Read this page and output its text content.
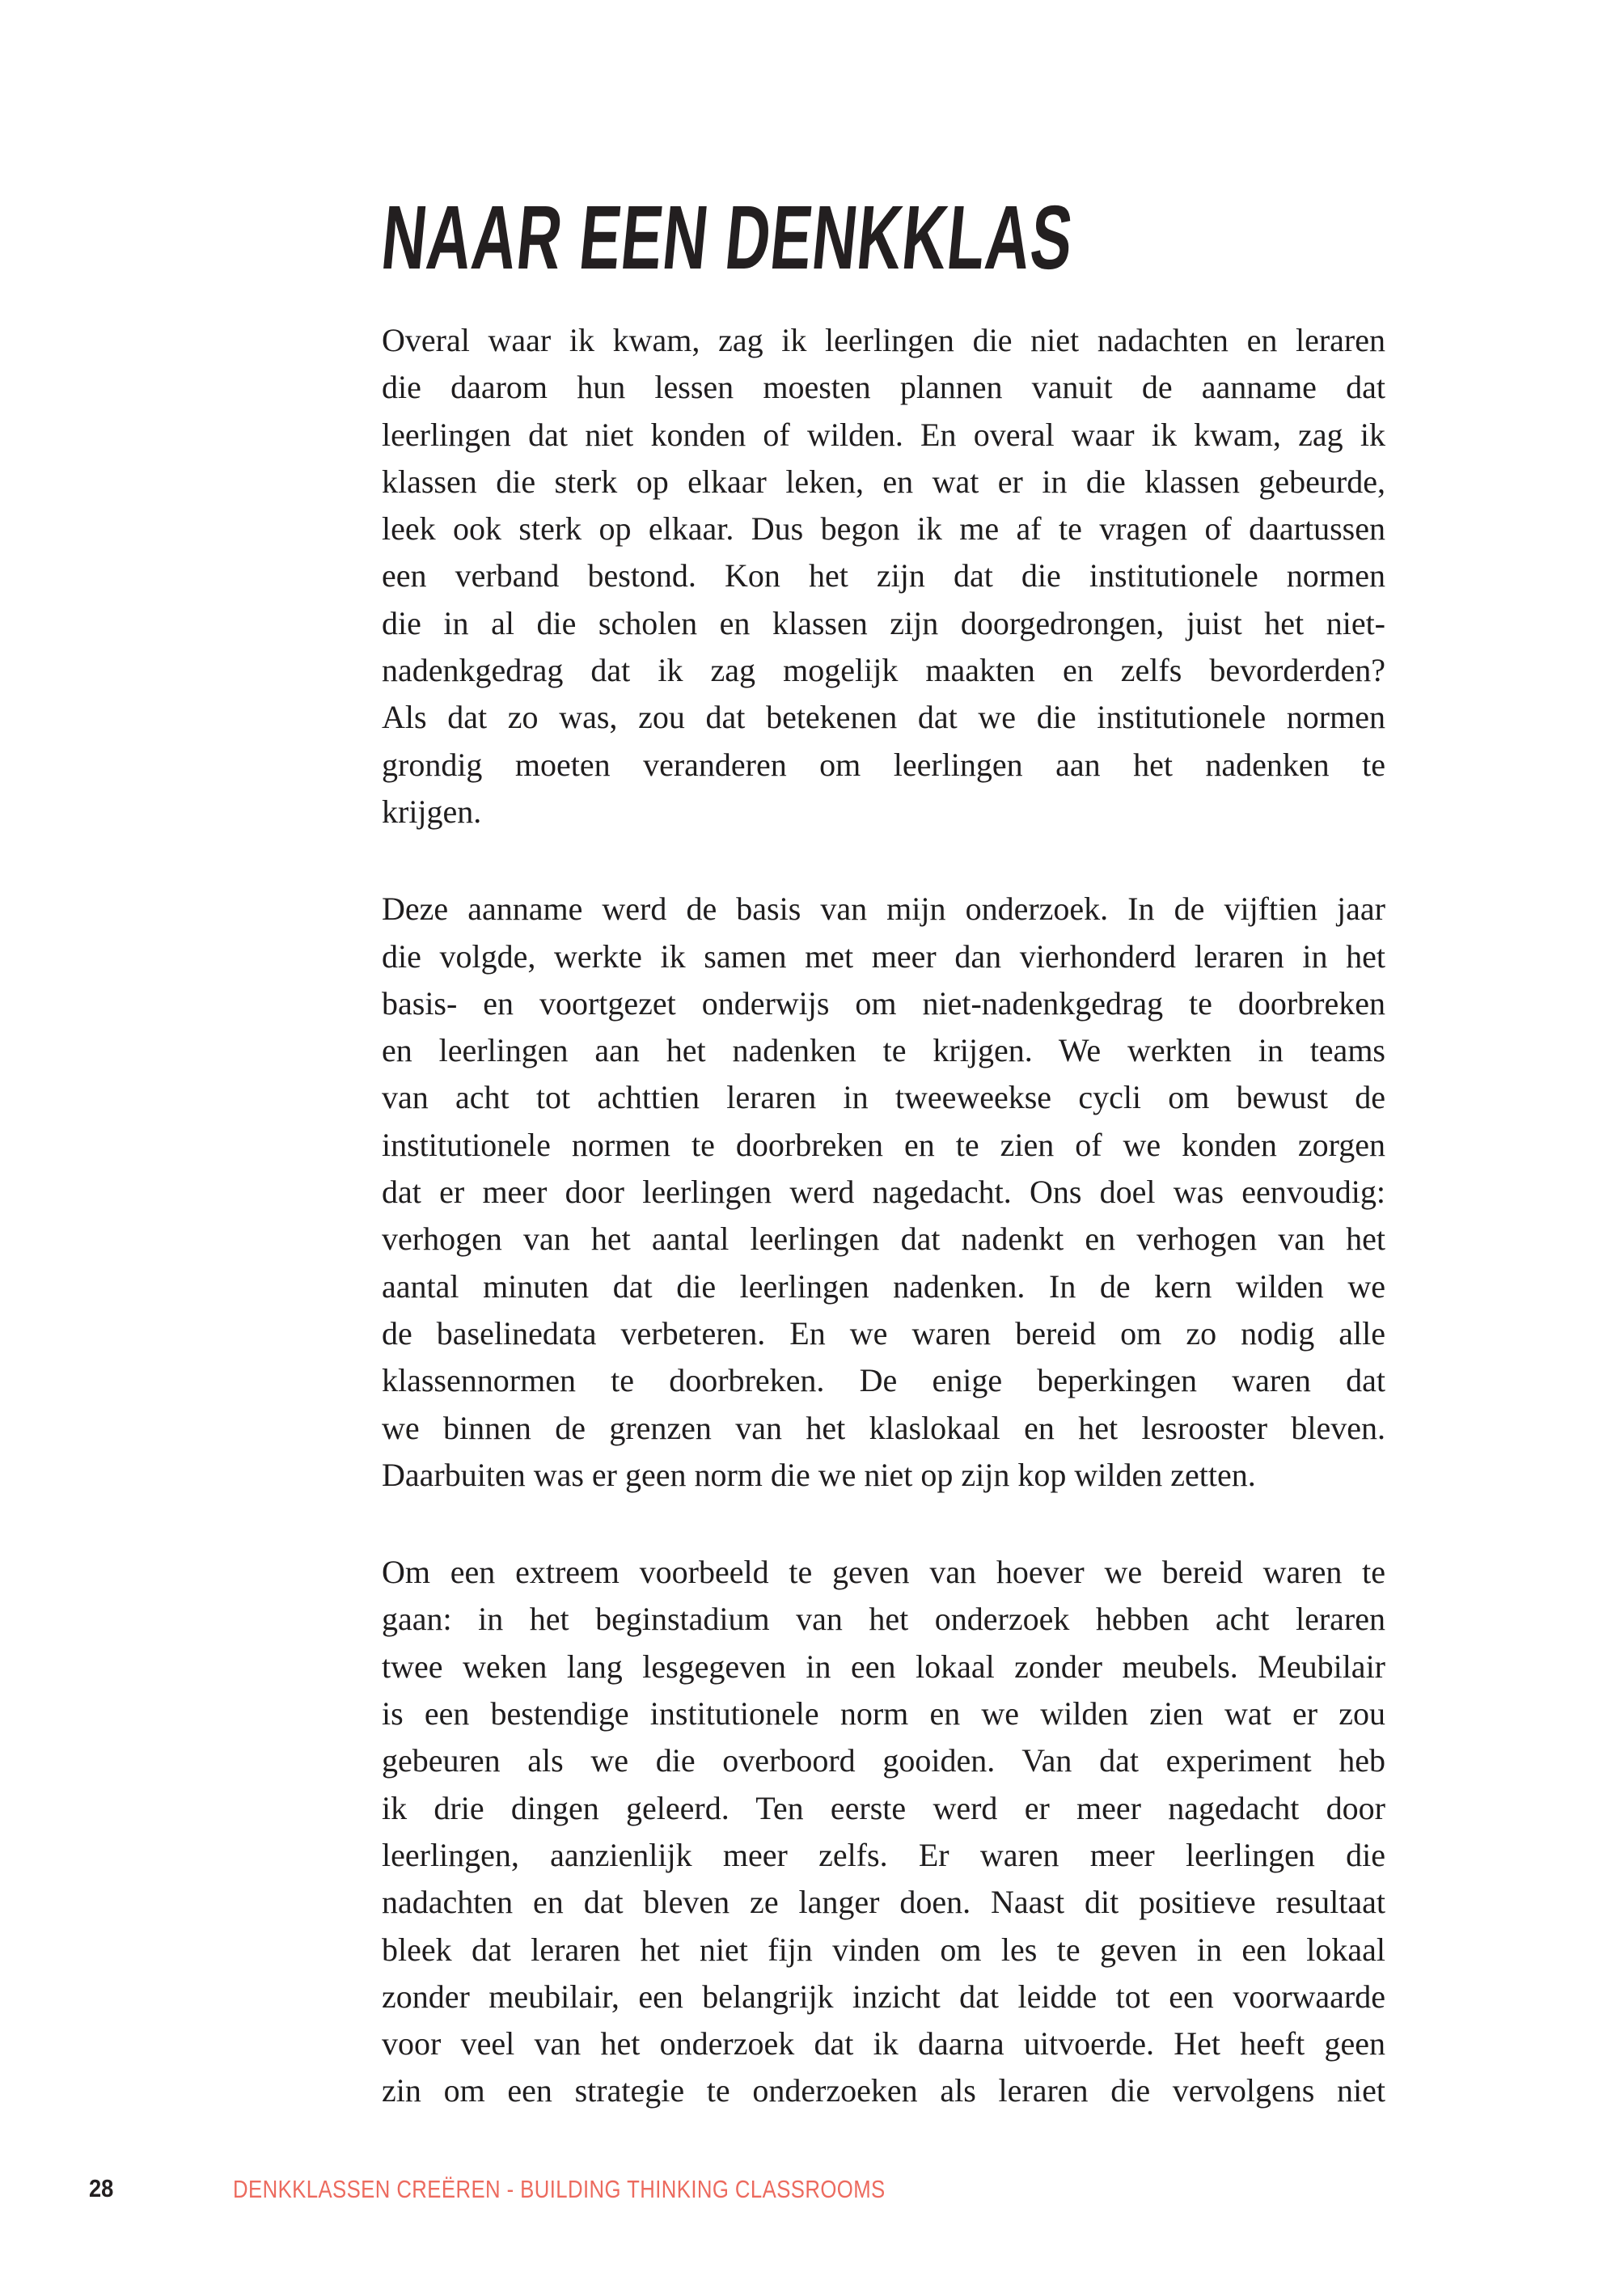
NAAR EEN DENKKLAS
Overal waar ik kwam, zag ik leerlingen die niet nadachten en leraren
die daarom hun lessen moesten plannen vanuit de aanname dat
leerlingen dat niet konden of wilden. En overal waar ik kwam, zag ik
klassen die sterk op elkaar leken, en wat er in die klassen gebeurde,
leek ook sterk op elkaar. Dus begon ik me af te vragen of daartussen
een verband bestond. Kon het zijn dat die institutionele normen
die in al die scholen en klassen zijn doorgedrongen, juist het niet-
nadenkgedrag dat ik zag mogelijk maakten en zelfs bevorderden?
Als dat zo was, zou dat betekenen dat we die institutionele normen
grondig moeten veranderen om leerlingen aan het nadenken te
krijgen.
Deze aanname werd de basis van mijn onderzoek. In de vijftien jaar
die volgde, werkte ik samen met meer dan vierhonderd leraren in het
basis- en voortgezet onderwijs om niet-nadenkgedrag te doorbreken
en leerlingen aan het nadenken te krijgen. We werkten in teams
van acht tot achttien leraren in tweeweekse cycli om bewust de
institutionele normen te doorbreken en te zien of we konden zorgen
dat er meer door leerlingen werd nagedacht. Ons doel was eenvoudig:
verhogen van het aantal leerlingen dat nadenkt en verhogen van het
aantal minuten dat die leerlingen nadenken. In de kern wilden we
de baselinedata verbeteren. En we waren bereid om zo nodig alle
klassennormen te doorbreken. De enige beperkingen waren dat
we binnen de grenzen van het klaslokaal en het lesrooster bleven.
Daarbuiten was er geen norm die we niet op zijn kop wilden zetten.
Om een extreem voorbeeld te geven van hoever we bereid waren te
gaan: in het beginstadium van het onderzoek hebben acht leraren
twee weken lang lesgegeven in een lokaal zonder meubels. Meubilair
is een bestendige institutionele norm en we wilden zien wat er zou
gebeuren als we die overboord gooiden. Van dat experiment heb
ik drie dingen geleerd. Ten eerste werd er meer nagedacht door
leerlingen, aanzienlijk meer zelfs. Er waren meer leerlingen die
nadachten en dat bleven ze langer doen. Naast dit positieve resultaat
bleek dat leraren het niet fijn vinden om les te geven in een lokaal
zonder meubilair, een belangrijk inzicht dat leidde tot een voorwaarde
voor veel van het onderzoek dat ik daarna uitvoerde. Het heeft geen
zin om een strategie te onderzoeken als leraren die vervolgens niet
28	DENKKLASSEN CREËREN - BUILDING THINKING CLASSROOMS
